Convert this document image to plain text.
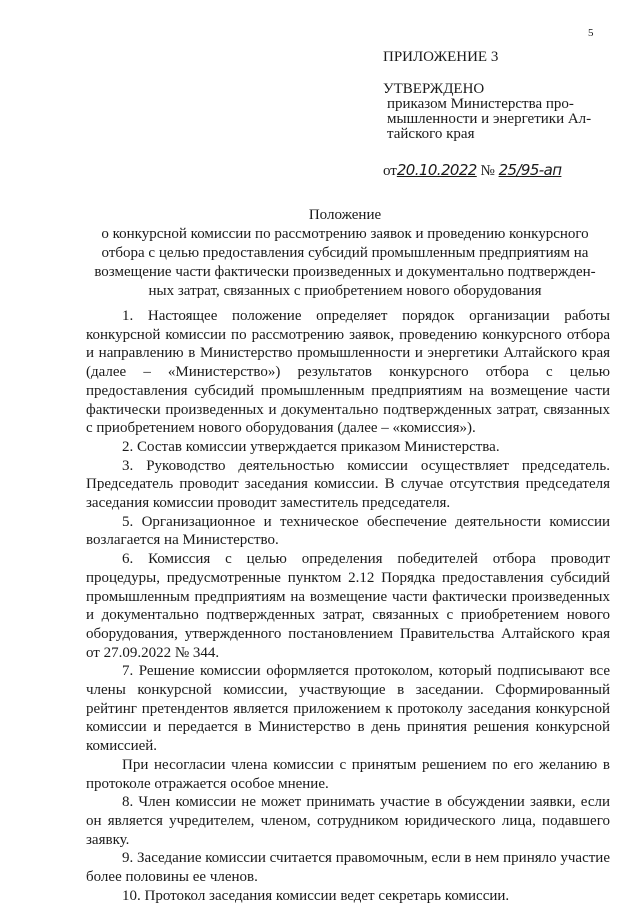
5

ПРИЛОЖЕНИЕ 3

УТВЕРЖДЕНО

приказом Министерства про-

мышленности и энергетики Ал-

тайского края

от20.10.2022 № 25/95-ап

Положение
о конкурсной комиссии по рассмотрению заявок и проведению конкурсного
отбора с целью предоставления субсидий промышленным предприятиям на
возмещение части фактически произведенных и документально подтвержден-
ных затрат, связанных с приобретением нового оборудования

1. Настоящее положение определяет порядок организации работы конкурсной комиссии по рассмотрению заявок, проведению конкурсного отбора и направлению в Министерство промышленности и энергетики Алтайского края (далее – «Министерство») результатов конкурсного отбора с целью предоставления субсидий промышленным предприятиям на возмещение части фактически произведенных и документально подтвержденных затрат, связанных с приобретением нового оборудования (далее – «комиссия»).

2. Состав комиссии утверждается приказом Министерства.

3. Руководство деятельностью комиссии осуществляет председатель. Председатель проводит заседания комиссии. В случае отсутствия председателя заседания комиссии проводит заместитель председателя.

5. Организационное и техническое обеспечение деятельности комиссии возлагается на Министерство.

6. Комиссия с целью определения победителей отбора проводит процедуры, предусмотренные пунктом 2.12 Порядка предоставления субсидий промышленным предприятиям на возмещение части фактически произведенных и документально подтвержденных затрат, связанных с приобретением нового оборудования, утвержденного постановлением Правительства Алтайского края от 27.09.2022 № 344.

7. Решение комиссии оформляется протоколом, который подписывают все члены конкурсной комиссии, участвующие в заседании. Сформированный рейтинг претендентов является приложением к протоколу заседания конкурсной комиссии и передается в Министерство в день принятия решения конкурсной комиссией.

При несогласии члена комиссии с принятым решением по его желанию в протоколе отражается особое мнение.

8. Член комиссии не может принимать участие в обсуждении заявки, если он является учредителем, членом, сотрудником юридического лица, подавшего заявку.

9. Заседание комиссии считается правомочным, если в нем приняло участие более половины ее членов.

10. Протокол заседания комиссии ведет секретарь комиссии.
